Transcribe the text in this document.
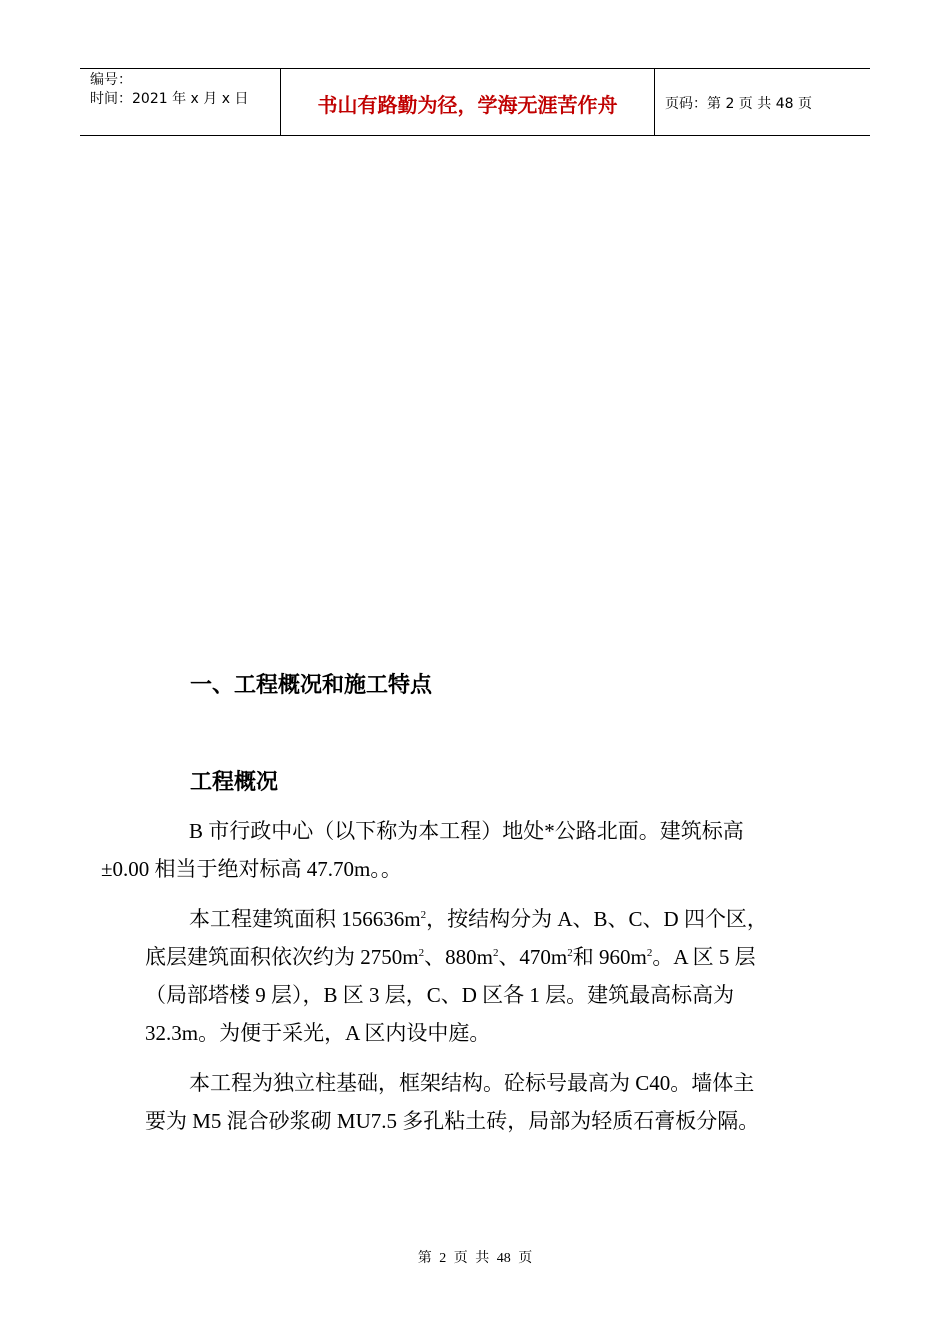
编号：
时间：2021 年 x 月 x 日	书山有路勤为径，学海无涯苦作舟	页码：第 2 页 共 48 页
一、工程概况和施工特点
工程概况

B 市行政中心（以下称为本工程）地处*公路北面。建筑标高
±0.00 相当于绝对标高 47.70m。。

本工程建筑面积 $156636m^2$，按结构分为 A、B、C、D 四个区，
底层建筑面积依次约为 $2750m^2$、$880m^2$、$470m^2$和 $960m^2$。A 区 5 层
（局部塔楼 9 层），B 区 3 层，C、D 区各 1 层。建筑最高标高为
32.3m。为便于采光，A 区内设中庭。

本工程为独立柱基础，框架结构。砼标号最高为 C40。墙体主
要为 M5 混合砂浆砌 MU7.5 多孔粘土砖，局部为轻质石膏板分隔。

第 2 页 共 48 页
